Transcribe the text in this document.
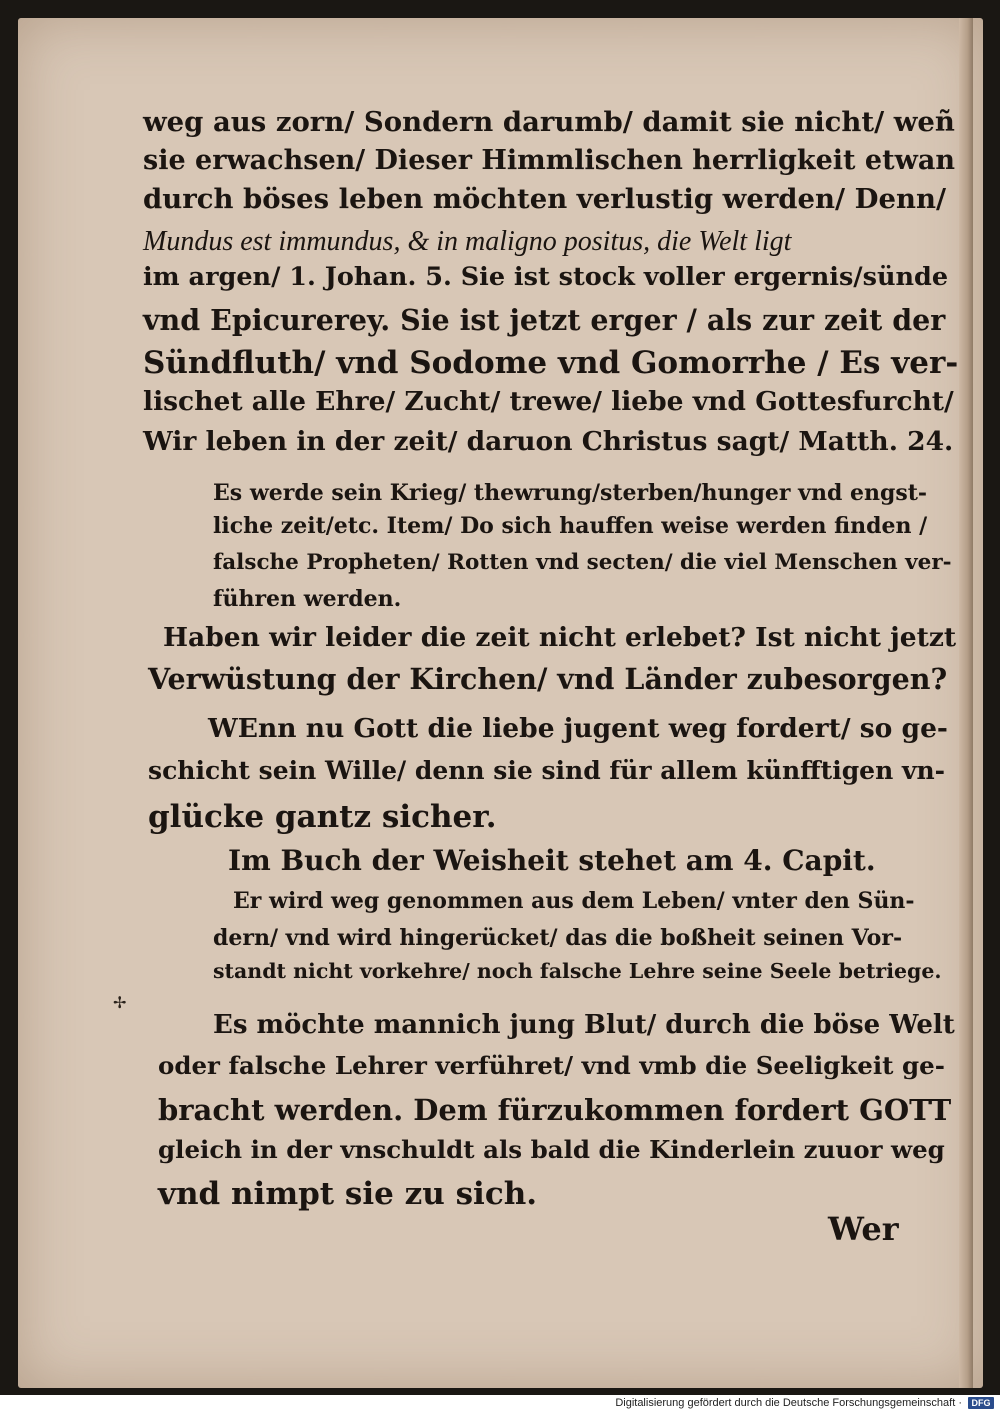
weg aus zorn/ Sondern darumb/ damit sie nicht/ weñ
sie erwachsen/ Dieser Himmlischen herrligkeit etwan
durch böses leben möchten verlustig werden/ Denn/
Mundus est immundus, & in maligno positus, die Welt ligt
im argen/ 1. Johan. 5. Sie ist stock voller ergernis/sünde
vnd Epicurerey. Sie ist jetzt erger / als zur zeit der
Sündfluth/ vnd Sodome vnd Gomorrhe / Es ver-
lischet alle Ehre/ Zucht/ trewe/ liebe vnd Gottesfurcht/
Wir leben in der zeit/ daruon Christus sagt/ Matth. 24.
Es werde sein Krieg/ thewrung/sterben/hunger vnd engst-
liche zeit/etc. Item/ Do sich hauffen weise werden finden /
falsche Propheten/ Rotten vnd secten/ die viel Menschen ver-
führen werden.
Haben wir leider die zeit nicht erlebet? Ist nicht jetzt
Verwüstung der Kirchen/ vnd Länder zubesorgen?
WEnn nu Gott die liebe jugent weg fordert/ so ge-
schicht sein Wille/ denn sie sind für allem künfftigen vn-
glücke gantz sicher.
Im Buch der Weisheit stehet am 4. Capit.
Er wird weg genommen aus dem Leben/ vnter den Sün-
dern/ vnd wird hingerücket/ das die boßheit seinen Vor-
standt nicht vorkehre/ noch falsche Lehre seine Seele betriege.
✢
Es möchte mannich jung Blut/ durch die böse Welt
oder falsche Lehrer verführet/ vnd vmb die Seeligkeit ge-
bracht werden. Dem fürzukommen fordert GOTT
gleich in der vnschuldt als bald die Kinderlein zuuor weg
vnd nimpt sie zu sich.
Wer
Digitalisierung gefördert durch die Deutsche Forschungsgemeinschaft ·	DFG
